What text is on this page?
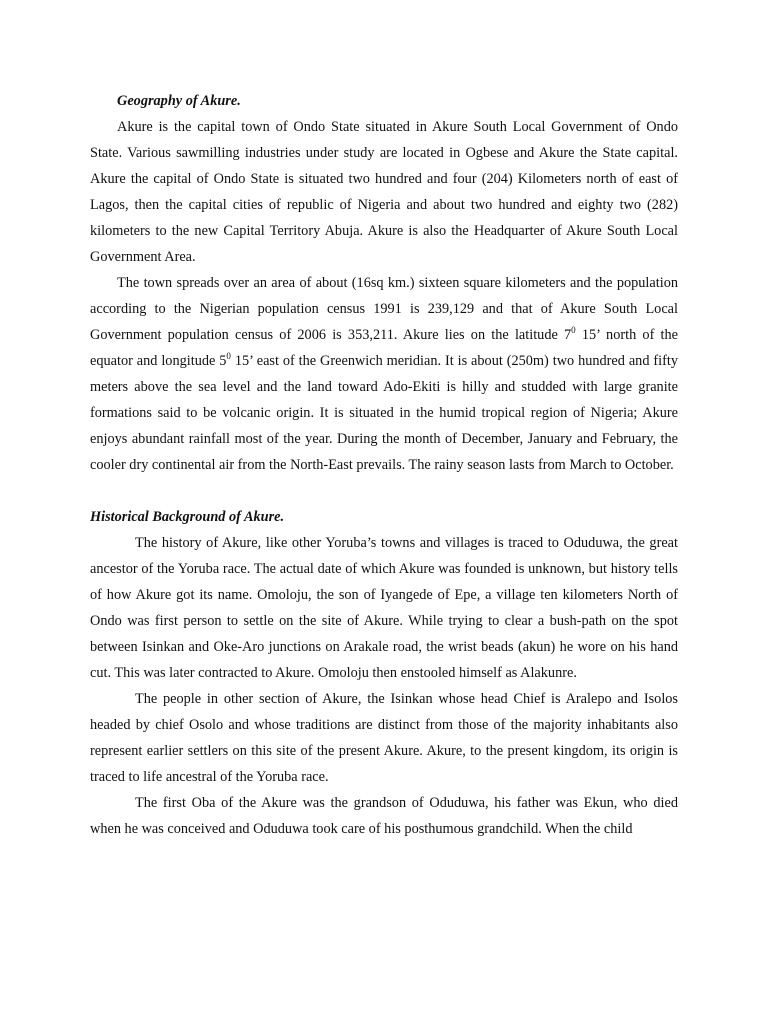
Geography of Akure.

Akure is the capital town of Ondo State situated in Akure South Local Government of Ondo State. Various sawmilling industries under study are located in Ogbese and Akure the State capital. Akure the capital of Ondo State is situated two hundred and four (204) Kilometers north of east of Lagos, then the capital cities of republic of Nigeria and about two hundred and eighty two (282) kilometers to the new Capital Territory Abuja. Akure is also the Headquarter of Akure South Local Government Area.

The town spreads over an area of about (16sq km.) sixteen square kilometers and the population according to the Nigerian population census 1991 is 239,129 and that of Akure South Local Government population census of 2006 is 353,211. Akure lies on the latitude $7^0$ 15’ north of the equator and longitude $5^0$ 15’ east of the Greenwich meridian. It is about (250m) two hundred and fifty meters above the sea level and the land toward Ado-Ekiti is hilly and studded with large granite formations said to be volcanic origin. It is situated in the humid tropical region of Nigeria; Akure enjoys abundant rainfall most of the year. During the month of December, January and February, the cooler dry continental air from the North-East prevails. The rainy season lasts from March to October.

Historical Background of Akure.

The history of Akure, like other Yoruba’s towns and villages is traced to Oduduwa, the great ancestor of the Yoruba race. The actual date of which Akure was founded is unknown, but history tells of how Akure got its name. Omoloju, the son of Iyangede of Epe, a village ten kilometers North of Ondo was first person to settle on the site of Akure. While trying to clear a bush-path on the spot between Isinkan and Oke-Aro junctions on Arakale road, the wrist beads (akun) he wore on his hand cut. This was later contracted to Akure. Omoloju then enstooled himself as Alakunre.

The people in other section of Akure, the Isinkan whose head Chief is Aralepo and Isolos headed by chief Osolo and whose traditions are distinct from those of the majority inhabitants also represent earlier settlers on this site of the present Akure. Akure, to the present kingdom, its origin is traced to life ancestral of the Yoruba race.

The first Oba of the Akure was the grandson of Oduduwa, his father was Ekun, who died when he was conceived and Oduduwa took care of his posthumous grandchild. When the child
